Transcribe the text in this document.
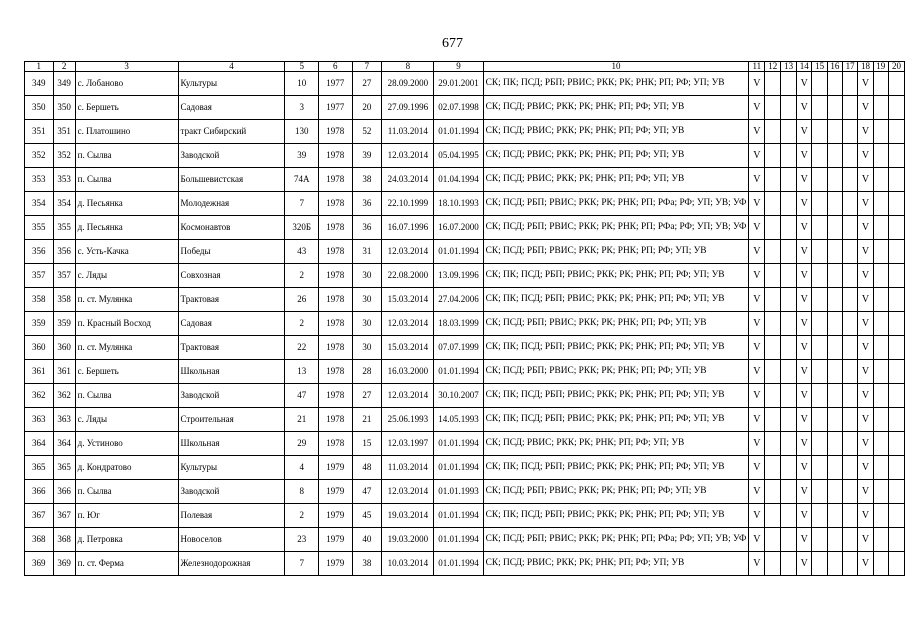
677
1	2	3	4	5	6	7	8	9	10	11	12	13	14	15	16	17	18	19	20
349	349	с. Лобаново	Культуры	10	1977	27	28.09.2000	29.01.2001	СК; ПК; ПСД; РБП; РВИС; РКК; РК; РНК; РП; РФ; УП; УВ	V			V				V		
350	350	с. Бершеть	Садовая	3	1977	20	27.09.1996	02.07.1998	СК; ПСД; РВИС; РКК; РК; РНК; РП; РФ; УП; УВ	V			V				V		
351	351	с. Платошино	тракт Сибирский	130	1978	52	11.03.2014	01.01.1994	СК; ПСД; РВИС; РКК; РК; РНК; РП; РФ; УП; УВ	V			V				V		
352	352	п. Сылва	Заводской	39	1978	39	12.03.2014	05.04.1995	СК; ПСД; РВИС; РКК; РК; РНК; РП; РФ; УП; УВ	V			V				V		
353	353	п. Сылва	Большевистская	74А	1978	38	24.03.2014	01.04.1994	СК; ПСД; РВИС; РКК; РК; РНК; РП; РФ; УП; УВ	V			V				V		
354	354	д. Песьянка	Молодежная	7	1978	36	22.10.1999	18.10.1993	СК; ПСД; РБП; РВИС; РКК; РК; РНК; РП; РФа; РФ; УП; УВ; УФ	V			V				V		
355	355	д. Песьянка	Космонавтов	320Б	1978	36	16.07.1996	16.07.2000	СК; ПСД; РБП; РВИС; РКК; РК; РНК; РП; РФа; РФ; УП; УВ; УФ	V			V				V		
356	356	с. Усть-Качка	Победы	43	1978	31	12.03.2014	01.01.1994	СК; ПСД; РБП; РВИС; РКК; РК; РНК; РП; РФ; УП; УВ	V			V				V		
357	357	с. Ляды	Совхозная	2	1978	30	22.08.2000	13.09.1996	СК; ПК; ПСД; РБП; РВИС; РКК; РК; РНК; РП; РФ; УП; УВ	V			V				V		
358	358	п. ст. Мулянка	Трактовая	26	1978	30	15.03.2014	27.04.2006	СК; ПК; ПСД; РБП; РВИС; РКК; РК; РНК; РП; РФ; УП; УВ	V			V				V		
359	359	п. Красный Восход	Садовая	2	1978	30	12.03.2014	18.03.1999	СК; ПСД; РБП; РВИС; РКК; РК; РНК; РП; РФ; УП; УВ	V			V				V		
360	360	п. ст. Мулянка	Трактовая	22	1978	30	15.03.2014	07.07.1999	СК; ПК; ПСД; РБП; РВИС; РКК; РК; РНК; РП; РФ; УП; УВ	V			V				V		
361	361	с. Бершеть	Школьная	13	1978	28	16.03.2000	01.01.1994	СК; ПСД; РБП; РВИС; РКК; РК; РНК; РП; РФ; УП; УВ	V			V				V		
362	362	п. Сылва	Заводской	47	1978	27	12.03.2014	30.10.2007	СК; ПК; ПСД; РБП; РВИС; РКК; РК; РНК; РП; РФ; УП; УВ	V			V				V		
363	363	с. Ляды	Строительная	21	1978	21	25.06.1993	14.05.1993	СК; ПК; ПСД; РБП; РВИС; РКК; РК; РНК; РП; РФ; УП; УВ	V			V				V		
364	364	д. Устиново	Школьная	29	1978	15	12.03.1997	01.01.1994	СК; ПСД; РВИС; РКК; РК; РНК; РП; РФ; УП; УВ	V			V				V		
365	365	д. Кондратово	Культуры	4	1979	48	11.03.2014	01.01.1994	СК; ПК; ПСД; РБП; РВИС; РКК; РК; РНК; РП; РФ; УП; УВ	V			V				V		
366	366	п. Сылва	Заводской	8	1979	47	12.03.2014	01.01.1993	СК; ПСД; РБП; РВИС; РКК; РК; РНК; РП; РФ; УП; УВ	V			V				V		
367	367	п. Юг	Полевая	2	1979	45	19.03.2014	01.01.1994	СК; ПК; ПСД; РБП; РВИС; РКК; РК; РНК; РП; РФ; УП; УВ	V			V				V		
368	368	д. Петровка	Новоселов	23	1979	40	19.03.2000	01.01.1994	СК; ПСД; РБП; РВИС; РКК; РК; РНК; РП; РФа; РФ; УП; УВ; УФ	V			V				V		
369	369	п. ст. Ферма	Железнодорожная	7	1979	38	10.03.2014	01.01.1994	СК; ПСД; РВИС; РКК; РК; РНК; РП; РФ; УП; УВ	V			V				V		
